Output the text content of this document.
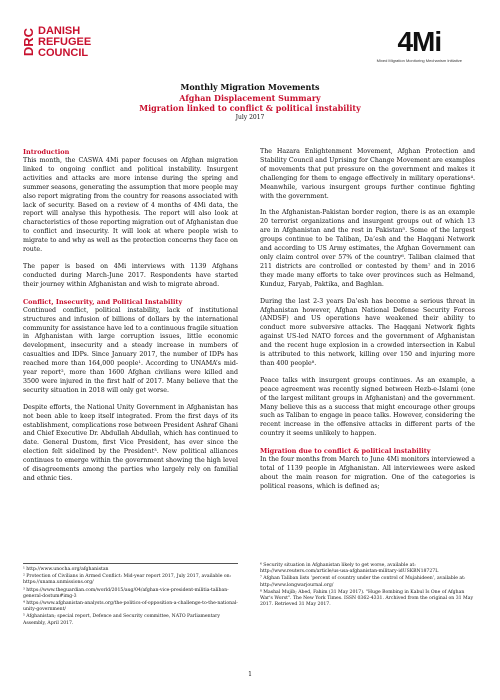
DRC DANISH
REFUGEE
COUNCIL	4Mi
Mixed Migration Monitoring Mechanism Initiative
Monthly Migration Movements
Afghan Displacement Summary
Migration linked to conflict & political instability
July 2017
Introduction

This month, the CASWA 4Mi paper focuses on Afghan migration linked to ongoing conflict and political instability. Insurgent activities and attacks are more intense during the spring and summer seasons, generating the assumption that more people may also report migrating from the country for reasons associated with lack of security. Based on a review of 4 months of 4Mi data, the report will analyse this hypothesis. The report will also look at characteristics of those reporting migration out of Afghanistan due to conflict and insecurity. It will look at where people wish to migrate to and why as well as the protection concerns they face on route.

The paper is based on 4Mi interviews with 1139 Afghans conducted during March-June 2017. Respondents have started their journey within Afghanistan and wish to migrate abroad.

Conflict, Insecurity, and Political Instability

Continued conflict, political instability, lack of institutional structures and infusion of billions of dollars by the international community for assistance have led to a continuous fragile situation in Afghanistan with large corruption issues, little economic development, insecurity and a steady increase in numbers of casualties and IDPs. Since January 2017, the number of IDPs has reached more than 164,000 people¹. According to UNAMA’s mid-year report², more than 1600 Afghan civilians were killed and 3500 were injured in the first half of 2017. Many believe that the security situation in 2018 will only get worse.

Despite efforts, the National Unity Government in Afghanistan has not been able to keep itself integrated. From the first days of its establishment, complications rose between President Ashraf Ghani and Chief Executive Dr. Abdullah Abdullah, which has continued to date. General Dustom, first Vice President, has ever since the election felt sidelined by the President³. New political alliances continues to emerge within the government showing the high level of disagreements among the parties who largely rely on familial and ethnic ties.

The Hazara Enlightenment Movement, Afghan Protection and Stability Council and Uprising for Change Movement are examples of movements that put pressure on the government and makes it challenging for them to engage effectively in military operations⁴. Meanwhile, various insurgent groups further continue fighting with the government.

In the Afghanistan-Pakistan border region, there is as an example 20 terrorist organizations and insurgent groups out of which 13 are in Afghanistan and the rest in Pakistan⁵. Some of the largest groups continue to be Taliban, Da’esh and the Haqqani Network and according to US Army estimates, the Afghan Government can only claim control over 57% of the country⁶. Taliban claimed that 211 districts are controlled or contested by them⁷ and in 2016 they made many efforts to take over provinces such as Helmand, Kunduz, Faryab, Paktika, and Baghlan.

During the last 2-3 years Da’esh has become a serious threat in Afghanistan however, Afghan National Defense Security Forces (ANDSF) and US operations have weakened their ability to conduct more subversive attacks. The Haqqani Network fights against US-led NATO forces and the government of Afghanistan and the recent huge explosion in a crowded intersection in Kabul is attributed to this network, killing over 150 and injuring more than 400 people⁸.

Peace talks with insurgent groups continues. As an example, a peace agreement was recently signed between Hezb-e-Islami (one of the largest militant groups in Afghanistan) and the government. Many believe this as a success that might encourage other groups such as Taliban to engage in peace talks. However, considering the recent increase in the offensive attacks in different parts of the country it seems unlikely to happen.

Migration due to conflict & political instability

In the four months from March to June 4Mi monitors interviewed a total of 1139 people in Afghanistan. All interviewees were asked about the main reason for migration. One of the categories is political reasons, which is defined as;

¹ http://www.unocha.org/afghanistan
² Protection of Civilians in Armed Conflict: Mid-year report 2017, July 2017, available on: https://unama.unmissions.org/
³ https://www.theguardian.com/world/2015/aug/04/afghan-vice-president-militia-taliban-general-dostum#img-3
⁴ https://www.afghanistan-analysts.org/the-politics-of-opposition-a-challenge-to-the-national-unity-government/
⁵ Afghanistan; special report, Defence and Security committee, NATO Parliamentary Assembly, April 2017.
⁶ Security situation in Afghanistan likely to get worse, available at: http://www.reuters.com/article/us-usa-afghanistan-military-idUSKBN18727L
⁷ Afghan Taliban lists ‘percent of country under the control of Mujahideen’, available at: http://www.longwarjournal.org/
⁸ Mashal Mujib; Abed, Fahim (31 May 2017). "Huge Bombing in Kabul Is One of Afghan War's Worst". The New York Times. ISSN 0362-4331. Archived from the original on 31 May 2017. Retrieved 31 May 2017.
1
